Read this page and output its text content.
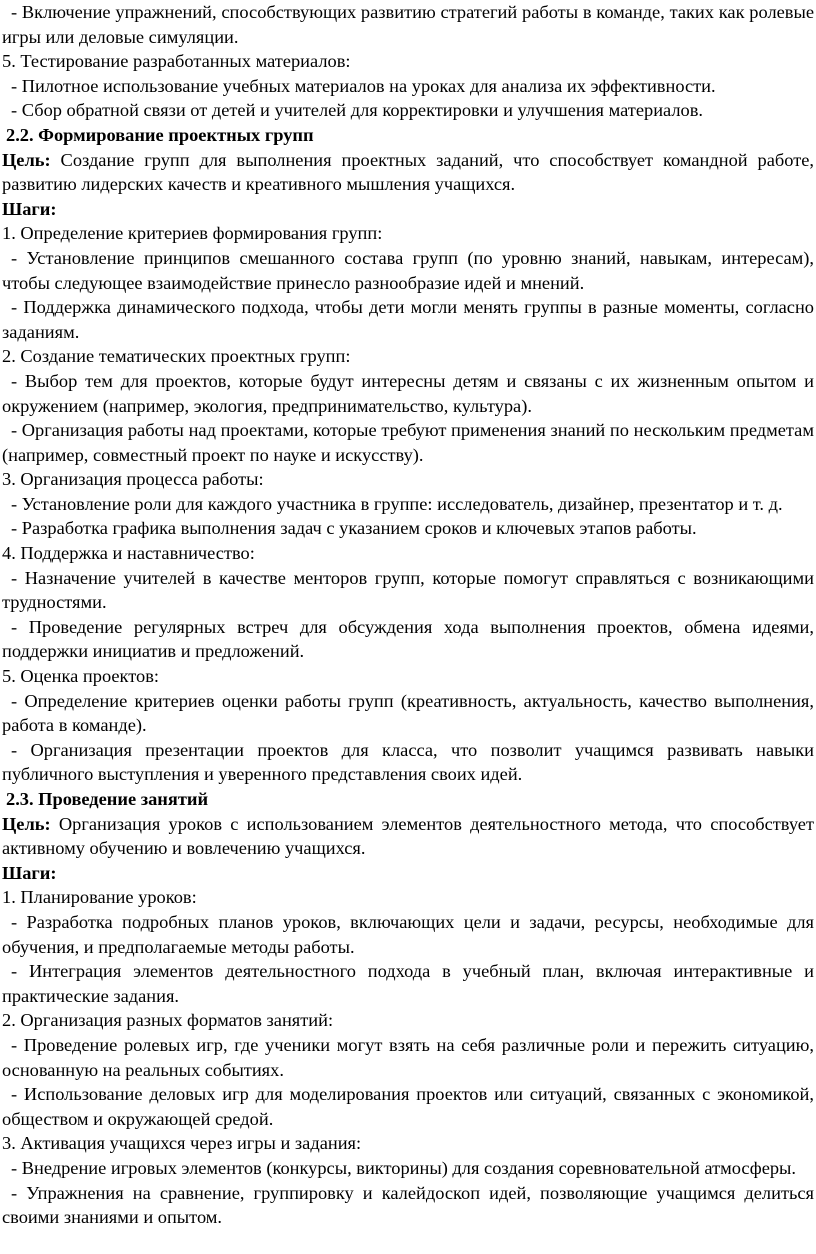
- Включение упражнений, способствующих развитию стратегий работы в команде, таких как ролевые игры или деловые симуляции.

5. Тестирование разработанных материалов:

- Пилотное использование учебных материалов на уроках для анализа их эффективности.

- Сбор обратной связи от детей и учителей для корректировки и улучшения материалов.

2.2. Формирование проектных групп

Цель: Создание групп для выполнения проектных заданий, что способствует командной работе, развитию лидерских качеств и креативного мышления учащихся.

Шаги:

1. Определение критериев формирования групп:

- Установление принципов смешанного состава групп (по уровню знаний, навыкам, интересам), чтобы следующее взаимодействие принесло разнообразие идей и мнений.

- Поддержка динамического подхода, чтобы дети могли менять группы в разные моменты, согласно заданиям.

2. Создание тематических проектных групп:

- Выбор тем для проектов, которые будут интересны детям и связаны с их жизненным опытом и окружением (например, экология, предпринимательство, культура).

- Организация работы над проектами, которые требуют применения знаний по нескольким предметам (например, совместный проект по науке и искусству).

3. Организация процесса работы:

- Установление роли для каждого участника в группе: исследователь, дизайнер, презентатор и т. д.

- Разработка графика выполнения задач с указанием сроков и ключевых этапов работы.

4. Поддержка и наставничество:

- Назначение учителей в качестве менторов групп, которые помогут справляться с возникающими трудностями.

- Проведение регулярных встреч для обсуждения хода выполнения проектов, обмена идеями, поддержки инициатив и предложений.

5. Оценка проектов:

- Определение критериев оценки работы групп (креативность, актуальность, качество выполнения, работа в команде).

- Организация презентации проектов для класса, что позволит учащимся развивать навыки публичного выступления и уверенного представления своих идей.

2.3. Проведение занятий

Цель: Организация уроков с использованием элементов деятельностного метода, что способствует активному обучению и вовлечению учащихся.

Шаги:

1. Планирование уроков:

- Разработка подробных планов уроков, включающих цели и задачи, ресурсы, необходимые для обучения, и предполагаемые методы работы.

- Интеграция элементов деятельностного подхода в учебный план, включая интерактивные и практические задания.

2. Организация разных форматов занятий:

- Проведение ролевых игр, где ученики могут взять на себя различные роли и пережить ситуацию, основанную на реальных событиях.

- Использование деловых игр для моделирования проектов или ситуаций, связанных с экономикой, обществом и окружающей средой.

3. Активация учащихся через игры и задания:

- Внедрение игровых элементов (конкурсы, викторины) для создания соревновательной атмосферы.

- Упражнения на сравнение, группировку и калейдоскоп идей, позволяющие учащимся делиться своими знаниями и опытом.
